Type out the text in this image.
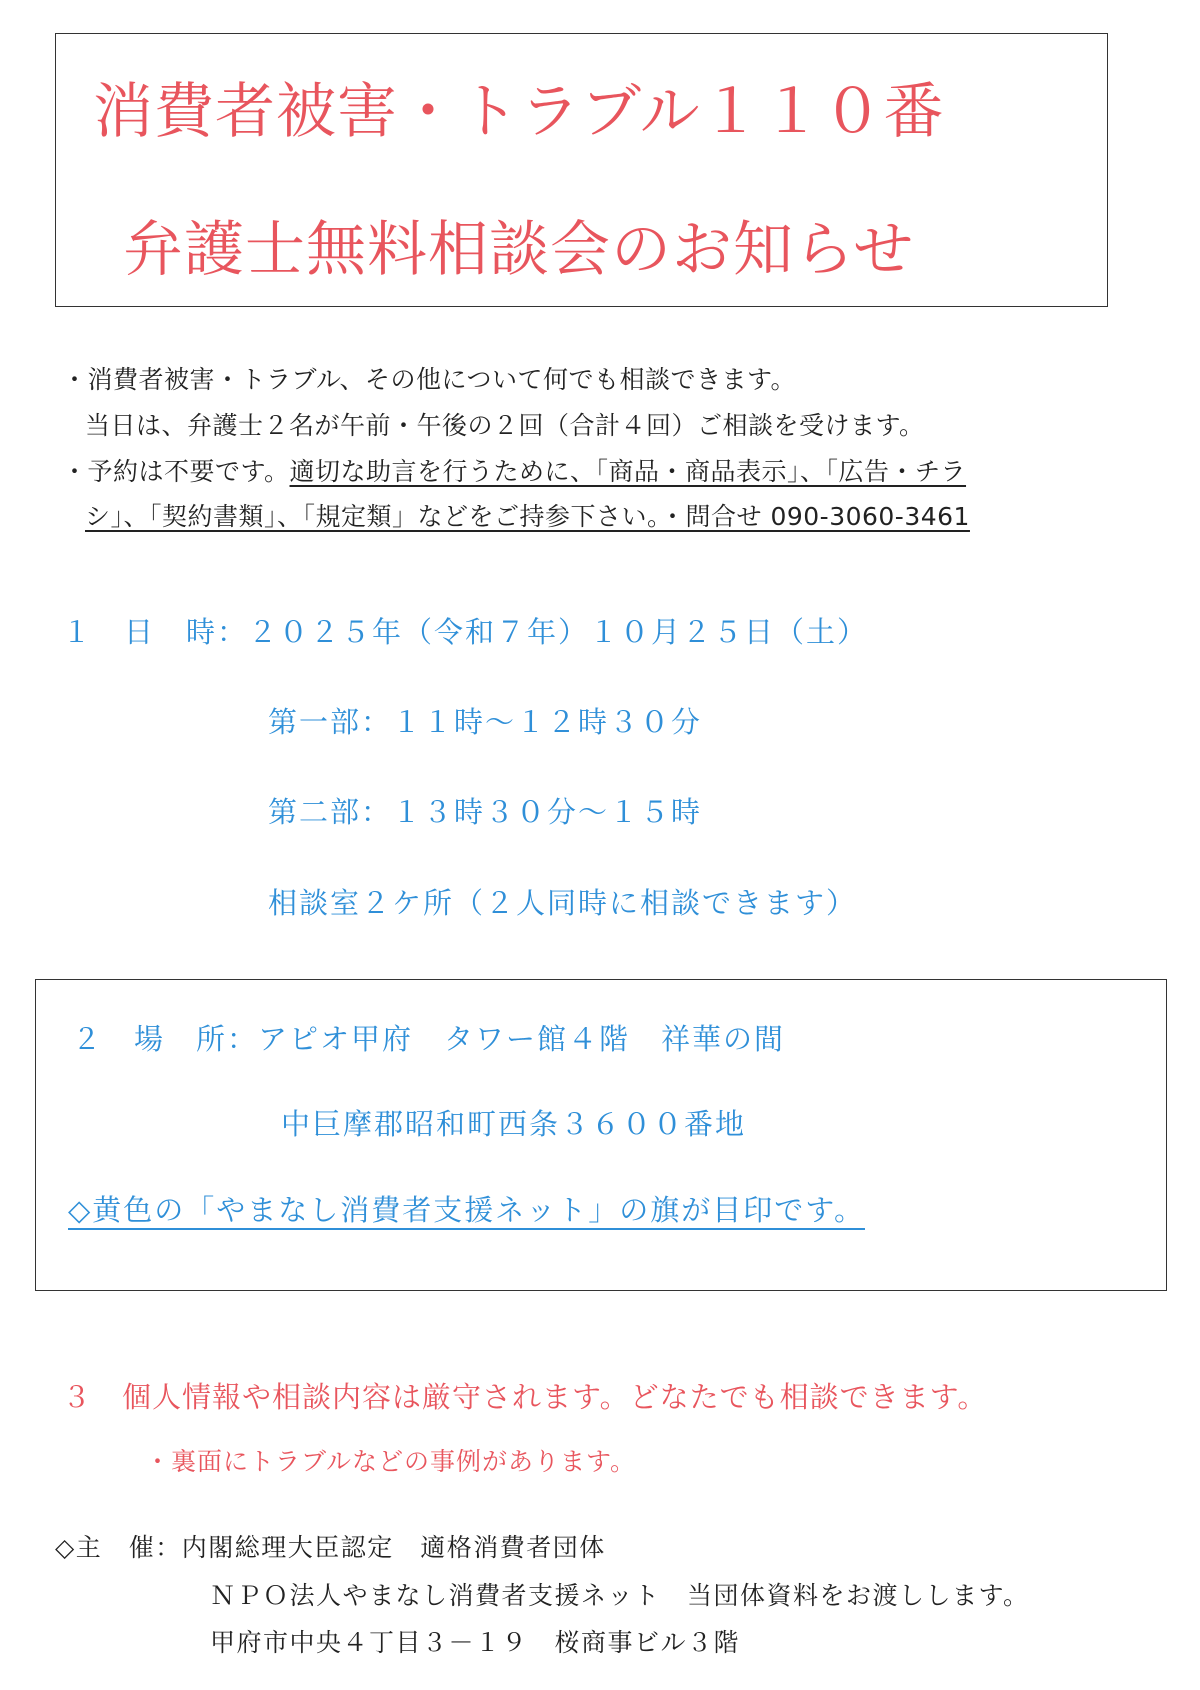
消費者被害・トラブル１１０番
弁護士無料相談会のお知らせ
・消費者被害・トラブル、その他について何でも相談できます。
当日は、弁護士２名が午前・午後の２回（合計４回）ご相談を受けます。
・予約は不要です。適切な助言を行うために、「商品・商品表示」、「広告・チラ
シ」、「契約書類」、「規定類」などをご持参下さい。・問合せ 090-3060-3461
１　日　時：２０２５年（令和７年）１０月２５日（土）
第一部：１１時～１２時３０分
第二部：１３時３０分～１５時
相談室２ケ所（２人同時に相談できます）
２　場　所：アピオ甲府　タワー館４階　祥華の間
中巨摩郡昭和町西条３６００番地
◇黄色の「やまなし消費者支援ネット」の旗が目印です。
３　個人情報や相談内容は厳守されます。どなたでも相談できます。
・裏面にトラブルなどの事例があります。
◇主　催：内閣総理大臣認定　適格消費者団体
ＮＰＯ法人やまなし消費者支援ネット　当団体資料をお渡しします。
甲府市中央４丁目３－１９　桜商事ビル３階
